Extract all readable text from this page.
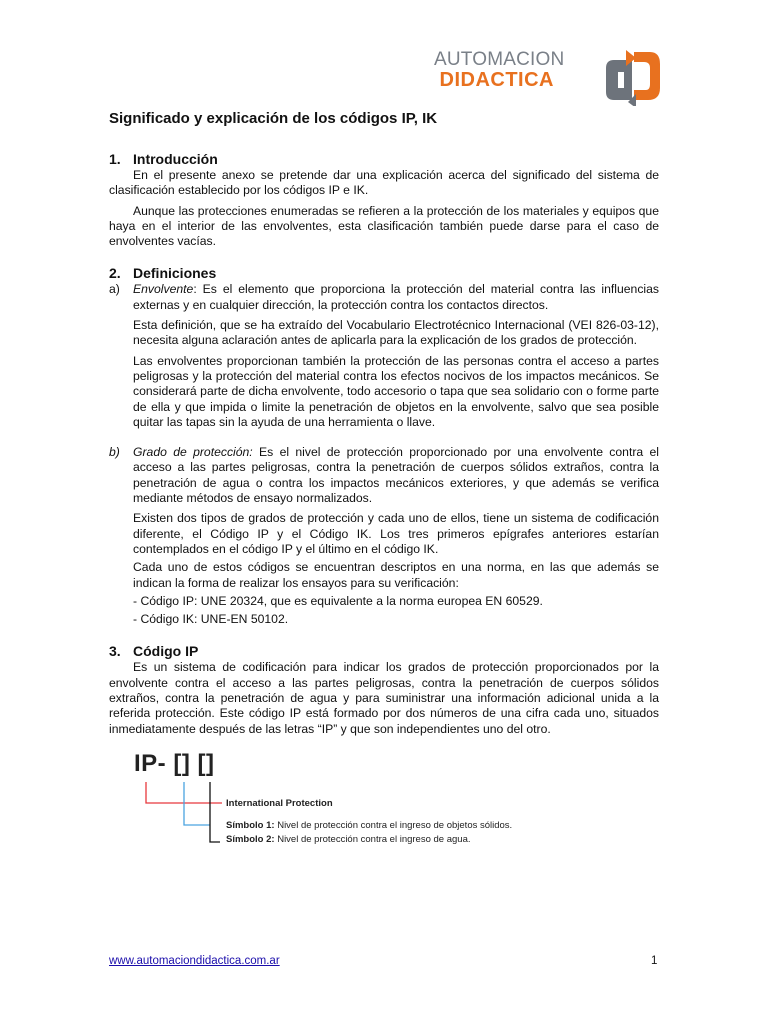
AUTOMACION
DIDACTICA
Significado y explicación de los códigos IP, IK
1. Introducción

En el presente anexo se pretende dar una explicación acerca del significado del sistema de clasificación establecido por los códigos IP e IK.

Aunque las protecciones enumeradas se refieren a la protección de los materiales y equipos que haya en el interior de las envolventes, esta clasificación también puede darse para el caso de envolventes vacías.

2. Definiciones
a)	Envolvente: Es el elemento que proporciona la protección del material contra las influencias externas y en cualquier dirección, la protección contra los contactos directos.

Esta definición, que se ha extraído del Vocabulario Electrotécnico Internacional (VEI 826-03-12), necesita alguna aclaración antes de aplicarla para la explicación de los grados de protección.

Las envolventes proporcionan también la protección de las personas contra el acceso a partes peligrosas y la protección del material contra los efectos nocivos de los impactos mecánicos. Se considerará parte de dicha envolvente, todo accesorio o tapa que sea solidario con o forme parte de ella y que impida o limite la penetración de objetos en la envolvente, salvo que sea posible quitar las tapas sin la ayuda de una herramienta o llave.

b)	Grado de protección: Es el nivel de protección proporcionado por una envolvente contra el acceso a las partes peligrosas, contra la penetración de cuerpos sólidos extraños, contra la penetración de agua o contra los impactos mecánicos exteriores, y que además se verifica mediante métodos de ensayo normalizados.

Existen dos tipos de grados de protección y cada uno de ellos, tiene un sistema de codificación diferente, el Código IP y el Código IK. Los tres primeros epígrafes anteriores estarían contemplados en el código IP y el último en el código IK.

Cada uno de estos códigos se encuentran descriptos en una norma, en las que además se indican la forma de realizar los ensayos para su verificación:

- Código IP: UNE 20324, que es equivalente a la norma europea EN 60529.

- Código IK: UNE-EN 50102.

3. Código IP

Es un sistema de codificación para indicar los grados de protección proporcionados por la envolvente contra el acceso a las partes peligrosas, contra la penetración de cuerpos sólidos extraños, contra la penetración de agua y para suministrar una información adicional unida a la referida protección. Este código IP está formado por dos números de una cifra cada uno, situados inmediatamente después de las letras “IP” y que son independientes uno del otro.

IP- [] []
International Protection
Símbolo 1: Nivel de protección contra el ingreso de objetos sólidos.
Símbolo 2: Nivel de protección contra el ingreso de agua.
www.automaciondidactica.com.ar	1
